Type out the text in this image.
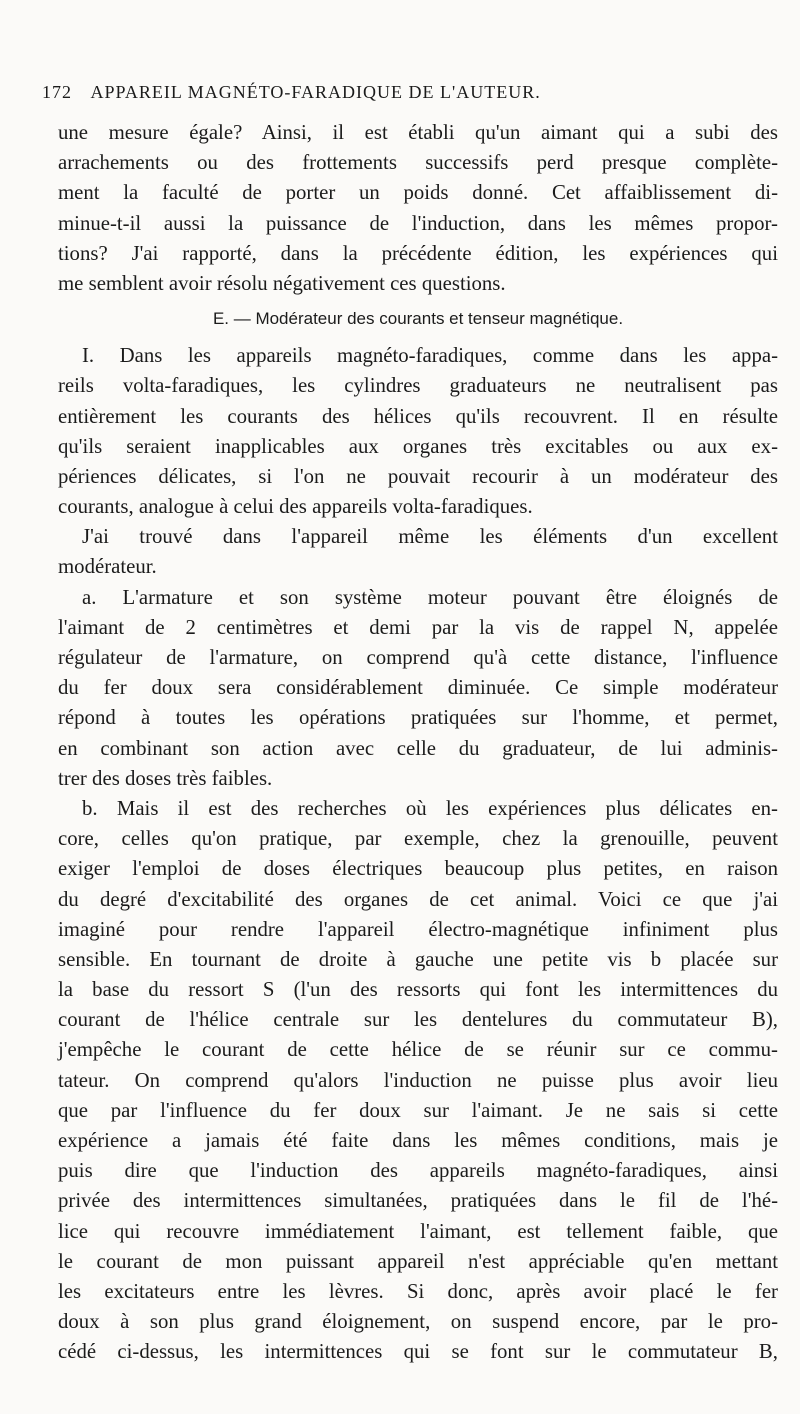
172 APPAREIL MAGNÉTO-FARADIQUE DE L'AUTEUR.
une mesure égale? Ainsi, il est établi qu'un aimant qui a subi des
arrachements ou des frottements successifs perd presque complète-
ment la faculté de porter un poids donné. Cet affaiblissement di-
minue-t-il aussi la puissance de l'induction, dans les mêmes propor-
tions? J'ai rapporté, dans la précédente édition, les expériences qui
me semblent avoir résolu négativement ces questions.
E. — Modérateur des courants et tenseur magnétique.
I. Dans les appareils magnéto-faradiques, comme dans les appa-
reils volta-faradiques, les cylindres graduateurs ne neutralisent pas
entièrement les courants des hélices qu'ils recouvrent. Il en résulte
qu'ils seraient inapplicables aux organes très excitables ou aux ex-
périences délicates, si l'on ne pouvait recourir à un modérateur des
courants, analogue à celui des appareils volta-faradiques.
J'ai trouvé dans l'appareil même les éléments d'un excellent
modérateur.
a. L'armature et son système moteur pouvant être éloignés de
l'aimant de 2 centimètres et demi par la vis de rappel N, appelée
régulateur de l'armature, on comprend qu'à cette distance, l'influence
du fer doux sera considérablement diminuée. Ce simple modérateur
répond à toutes les opérations pratiquées sur l'homme, et permet,
en combinant son action avec celle du graduateur, de lui adminis-
trer des doses très faibles.
b. Mais il est des recherches où les expériences plus délicates en-
core, celles qu'on pratique, par exemple, chez la grenouille, peuvent
exiger l'emploi de doses électriques beaucoup plus petites, en raison
du degré d'excitabilité des organes de cet animal. Voici ce que j'ai
imaginé pour rendre l'appareil électro-magnétique infiniment plus
sensible. En tournant de droite à gauche une petite vis b placée sur
la base du ressort S (l'un des ressorts qui font les intermittences du
courant de l'hélice centrale sur les dentelures du commutateur B),
j'empêche le courant de cette hélice de se réunir sur ce commu-
tateur. On comprend qu'alors l'induction ne puisse plus avoir lieu
que par l'influence du fer doux sur l'aimant. Je ne sais si cette
expérience a jamais été faite dans les mêmes conditions, mais je
puis dire que l'induction des appareils magnéto-faradiques, ainsi
privée des intermittences simultanées, pratiquées dans le fil de l'hé-
lice qui recouvre immédiatement l'aimant, est tellement faible, que
le courant de mon puissant appareil n'est appréciable qu'en mettant
les excitateurs entre les lèvres. Si donc, après avoir placé le fer
doux à son plus grand éloignement, on suspend encore, par le pro-
cédé ci-dessus, les intermittences qui se font sur le commutateur B,
